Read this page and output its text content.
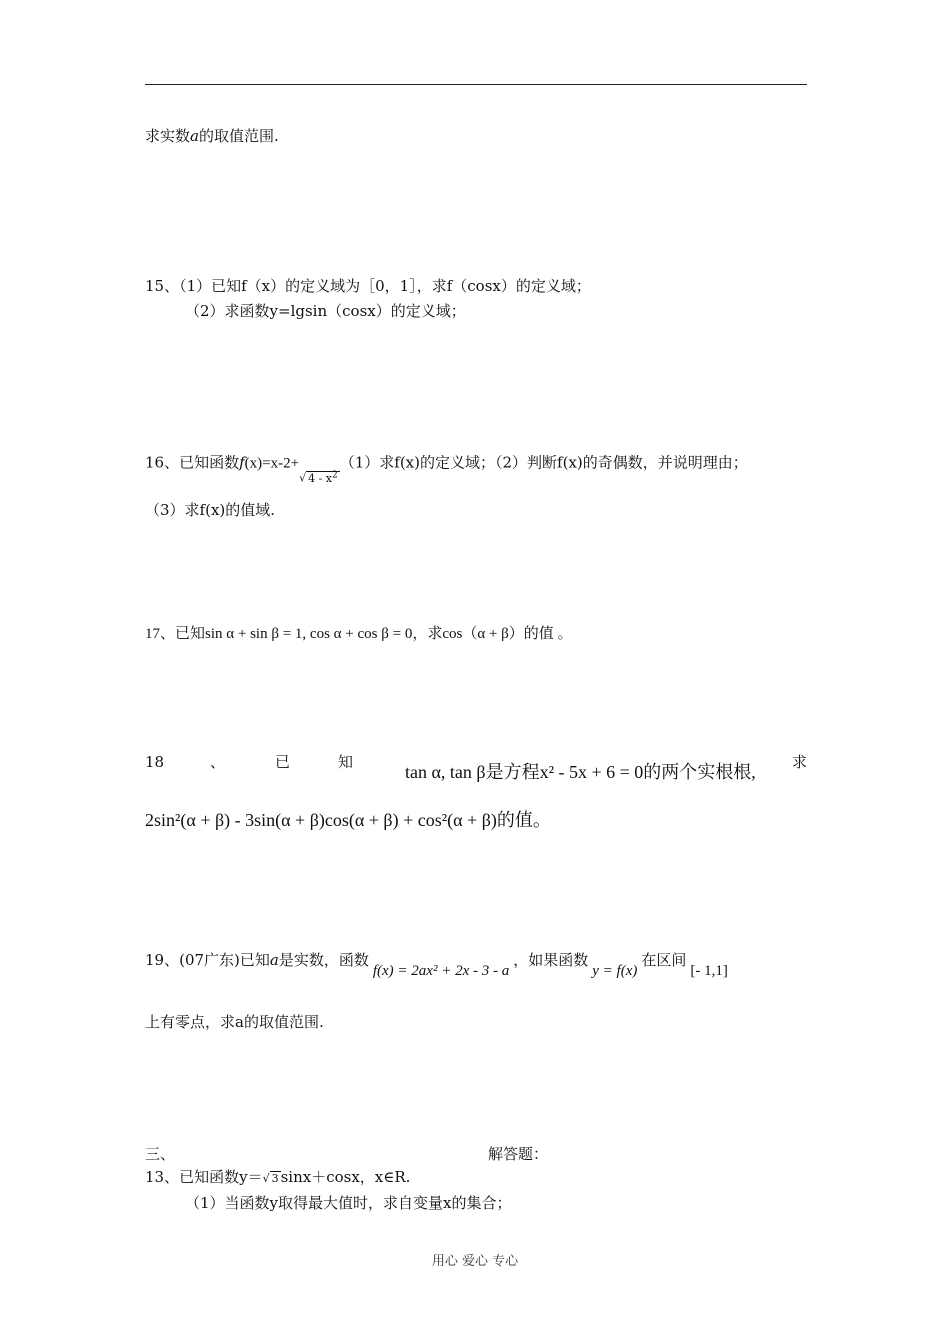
求实数a的取值范围.
15、（1）已知f（x）的定义域为［0，1］，求f（cosx）的定义域；
（2）求函数y=lgsin（cosx）的定义域；
16、已知函数f(x)=x-2+√ $4 - x^2(1)$求f(x)的定义域；（2）判断f(x)的奇偶数，并说明理由；
（3）求f(x)的值域.
17、已知sin α + sin β = 1, cos α + cos β = 0，求cos（α + β）的值 。
18	、	已	知	tan α, tan β是方程x² - 5x + 6 = 0的两个实根根, 求
2sin²(α + β) - 3sin(α + β)cos(α + β) + cos²(α + β)的值。
19、(07广东)已知a是实数，函数f(x) = 2ax² + 2x - 3 - a，如果函数y = f(x)在区间[- 1,1]
上有零点，求a的取值范围.
三、	解答题：
13、已知函数y＝√ 3 sinx＋cosx，x∈R.
（1）当函数y取得最大值时，求自变量x的集合；
用心 爱心 专心
